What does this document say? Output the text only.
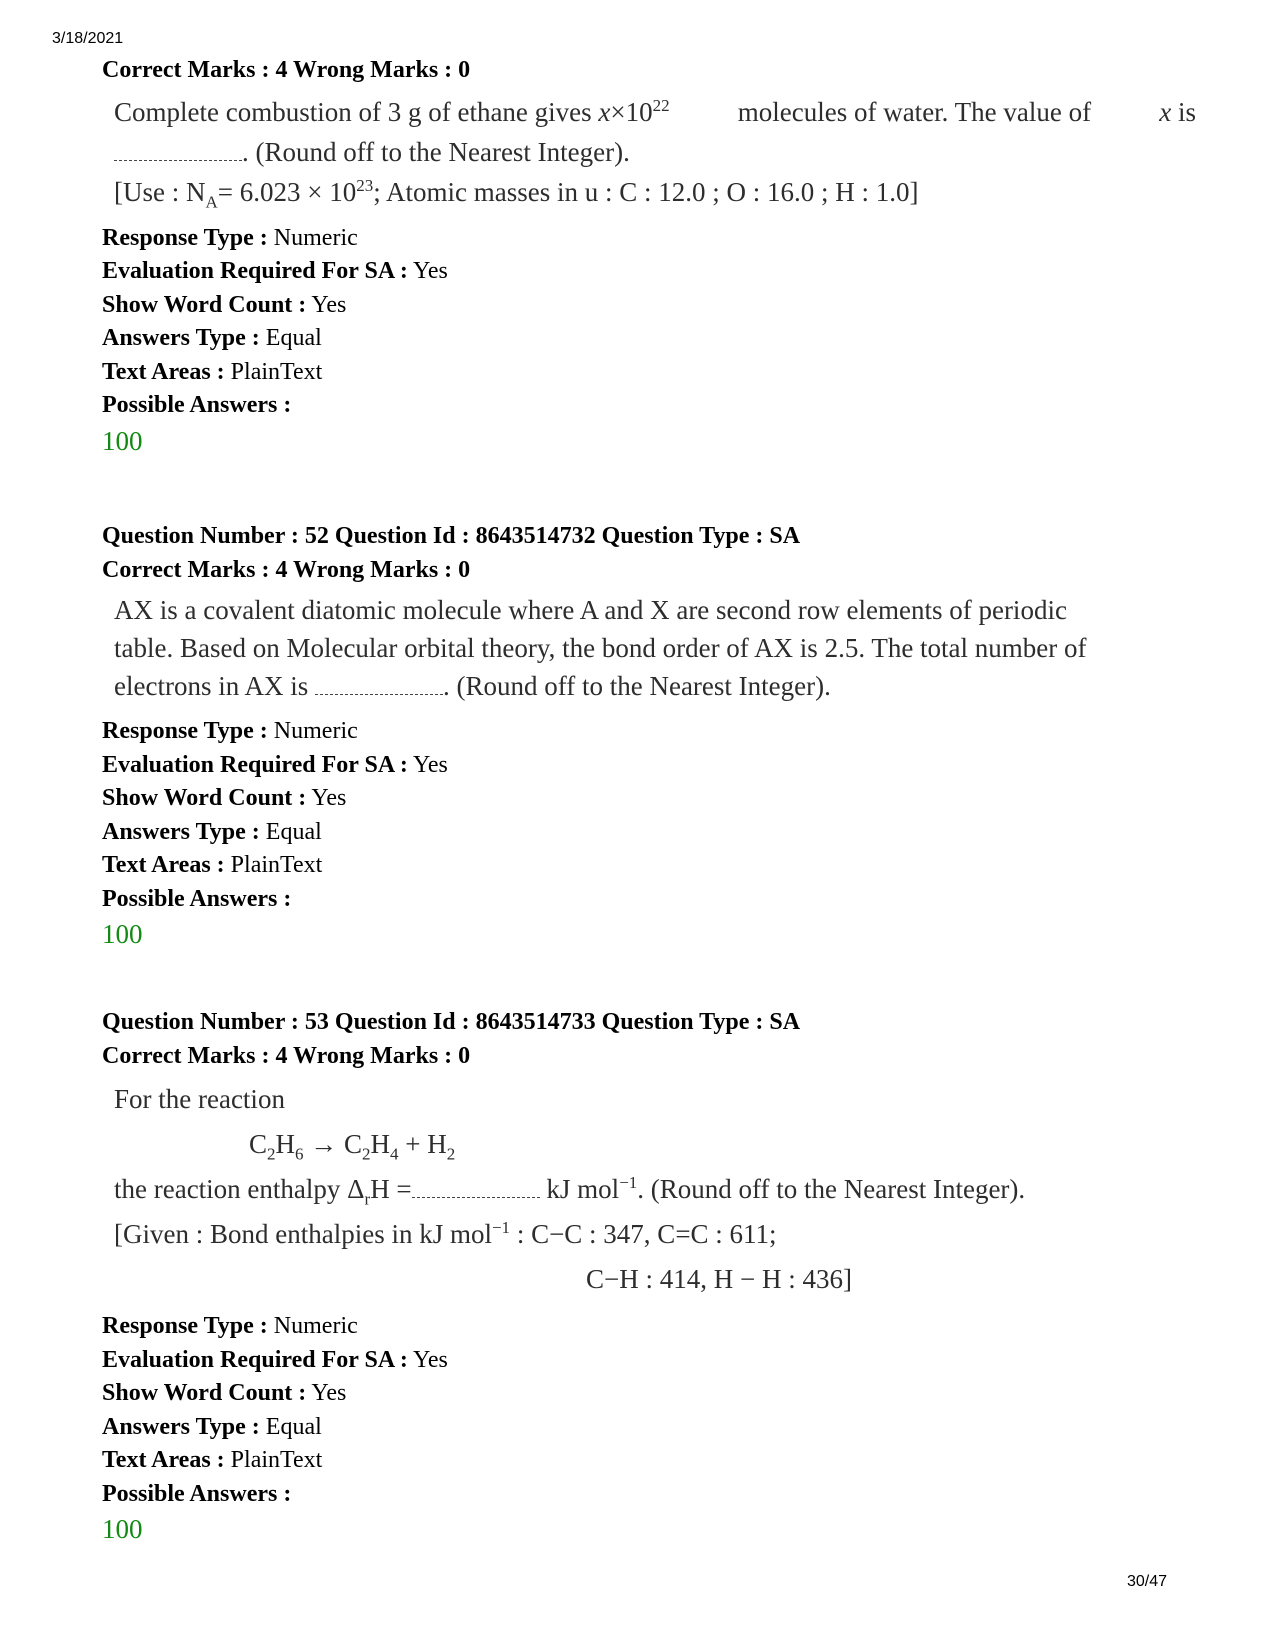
3/18/2021
Correct Marks : 4 Wrong Marks : 0
Complete combustion of 3 g of ethane gives $x\times 10^{22}$	molecules of water. The value of	x is
. (Round off to the Nearest Integer).
[Use : $N_A= 6.023 \times 10^{23}$; Atomic masses in u : C : 12.0 ; O : 16.0 ; H : 1.0]
Response Type : Numeric
Evaluation Required For SA : Yes
Show Word Count : Yes
Answers Type : Equal
Text Areas : PlainText
Possible Answers :
100
Question Number : 52 Question Id : 8643514732 Question Type : SA
Correct Marks : 4 Wrong Marks : 0
AX is a covalent diatomic molecule where A and X are second row elements of periodic
table. Based on Molecular orbital theory, the bond order of AX is 2.5. The total number of
electrons in AX is	. (Round off to the Nearest Integer).
Response Type : Numeric
Evaluation Required For SA : Yes
Show Word Count : Yes
Answers Type : Equal
Text Areas : PlainText
Possible Answers :
100
Question Number : 53 Question Id : 8643514733 Question Type : SA
Correct Marks : 4 Wrong Marks : 0
For the reaction
$C_2H_6 \to C_2H_4 + H_2$
the reaction enthalpy $\Delta_rH$ =	kJ mol$^{-1}$. (Round off to the Nearest Integer).
[Given : Bond enthalpies in kJ mol$^{-1}$ : C−C : 347, C=C : 611;
C−H : 414, H − H : 436]
Response Type : Numeric
Evaluation Required For SA : Yes
Show Word Count : Yes
Answers Type : Equal
Text Areas : PlainText
Possible Answers :
100
30/47
